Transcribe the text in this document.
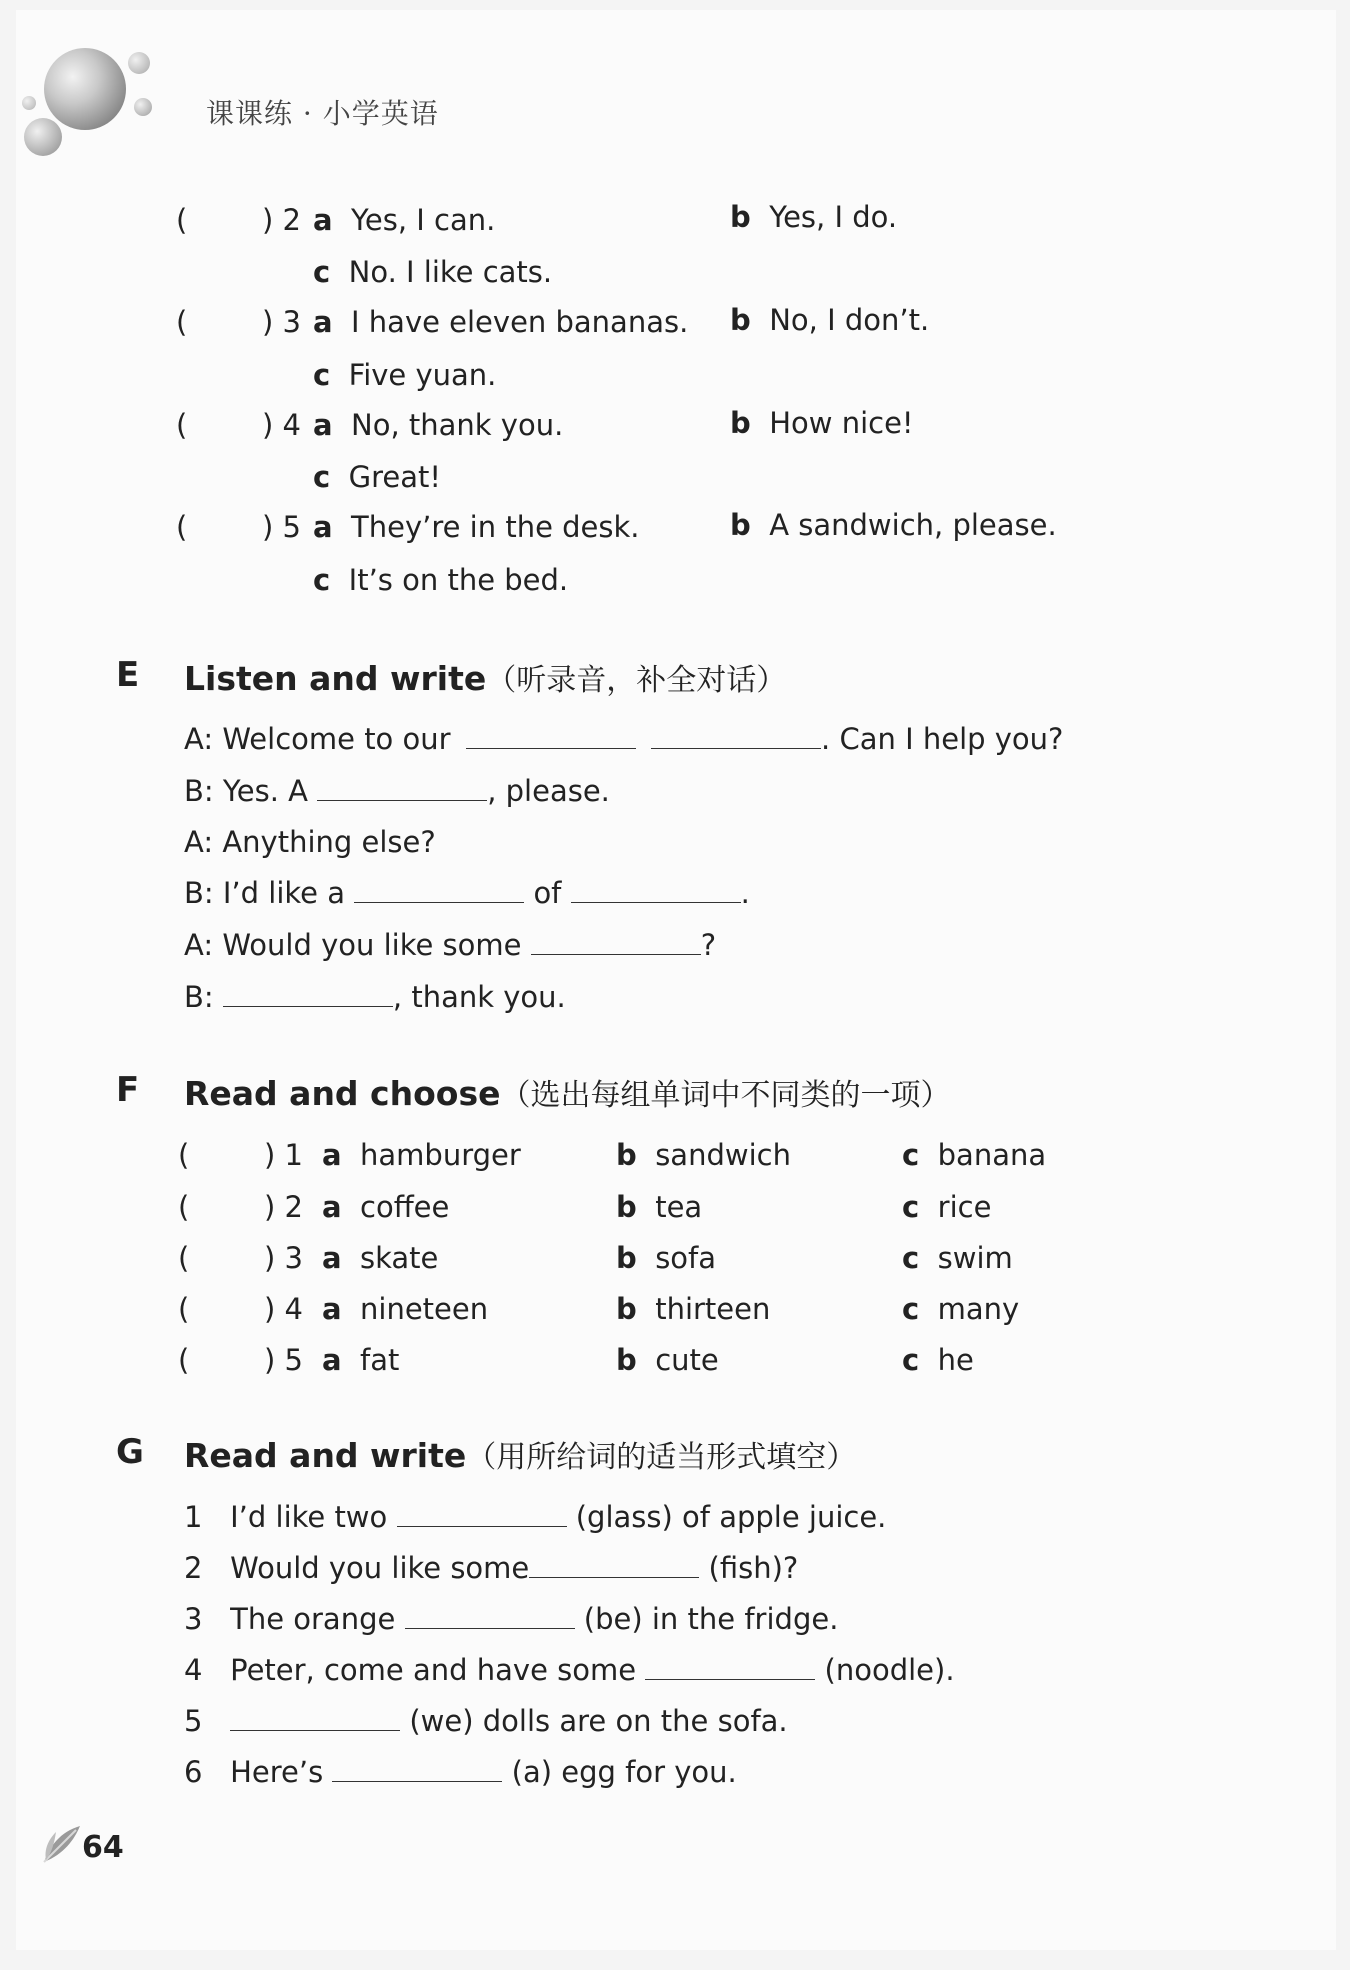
课课练 · 小学英语
(	) 2 a Yes, I can.	b Yes, I do.
c No. I like cats.
(	) 3 a I have eleven bananas. b No, I don’t.
c Five yuan.
(	) 4 a No, thank you.	b How nice!
c Great!
(	) 5 a They’re in the desk.	b A sandwich, please.
c It’s on the bed.
E Listen and write（听录音，补全对话）
A: Welcome to our	. Can I help you?
B: Yes. A	, please.
A: Anything else?
B: I’d like a	of	.
A: Would you like some	?
B:	, thank you.
F Read and choose（选出每组单词中不同类的一项）
(	) 1 a hamburger	b sandwich	c banana
(	) 2 a coffee	b tea	c rice
(	) 3 a skate	b sofa	c swim
(	) 4 a nineteen	b thirteen	c many
(	) 5 a fat	b cute	c he
G Read and write（用所给词的适当形式填空）
1 I’d like two	(glass) of apple juice.
2 Would you like some	(fish)?
3 The orange	(be) in the fridge.
4 Peter, come and have some	(noodle).
5	(we) dolls are on the sofa.
6 Here’s	(a) egg for you.
64
